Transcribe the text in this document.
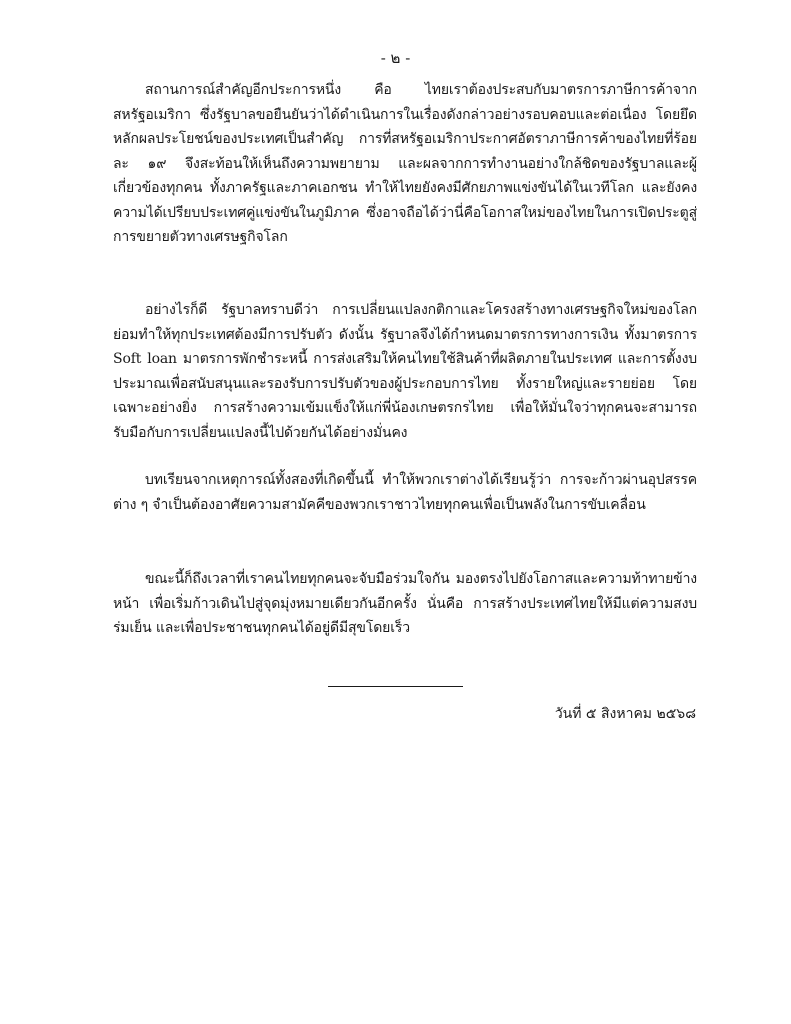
- ๒ -

สถานการณ์สำคัญอีกประการหนึ่ง คือ ไทยเราต้องประสบกับมาตรการภาษีการค้าจากสหรัฐอเมริกา ซึ่งรัฐบาลขอยืนยันว่าได้ดำเนินการในเรื่องดังกล่าวอย่างรอบคอบและต่อเนื่อง โดยยึดหลักผลประโยชน์ของประเทศเป็นสำคัญ การที่สหรัฐอเมริกาประกาศอัตราภาษีการค้าของไทยที่ร้อยละ ๑๙ จึงสะท้อนให้เห็นถึงความพยายาม และผลจากการทำงานอย่างใกล้ชิดของรัฐบาลและผู้เกี่ยวข้องทุกคน ทั้งภาครัฐและภาคเอกชน ทำให้ไทยยังคงมีศักยภาพแข่งขันได้ในเวทีโลก และยังคงความได้เปรียบประเทศคู่แข่งขันในภูมิภาค ซึ่งอาจถือได้ว่านี่คือโอกาสใหม่ของไทยในการเปิดประตูสู่การขยายตัวทางเศรษฐกิจโลก

อย่างไรก็ดี รัฐบาลทราบดีว่า การเปลี่ยนแปลงกติกาและโครงสร้างทางเศรษฐกิจใหม่ของโลก ย่อมทำให้ทุกประเทศต้องมีการปรับตัว ดังนั้น รัฐบาลจึงได้กำหนดมาตรการทางการเงิน ทั้งมาตรการ Soft loan มาตรการพักชำระหนี้ การส่งเสริมให้คนไทยใช้สินค้าที่ผลิตภายในประเทศ และการตั้งงบประมาณเพื่อสนับสนุนและรองรับการปรับตัวของผู้ประกอบการไทย ทั้งรายใหญ่และรายย่อย โดยเฉพาะอย่างยิ่ง การสร้างความเข้มแข็งให้แก่พี่น้องเกษตรกรไทย เพื่อให้มั่นใจว่าทุกคนจะสามารถรับมือกับการเปลี่ยนแปลงนี้ไปด้วยกันได้อย่างมั่นคง

บทเรียนจากเหตุการณ์ทั้งสองที่เกิดขึ้นนี้ ทำให้พวกเราต่างได้เรียนรู้ว่า การจะก้าวผ่านอุปสรรคต่าง ๆ จำเป็นต้องอาศัยความสามัคคีของพวกเราชาวไทยทุกคนเพื่อเป็นพลังในการขับเคลื่อน

ขณะนี้ก็ถึงเวลาที่เราคนไทยทุกคนจะจับมือร่วมใจกัน มองตรงไปยังโอกาสและความท้าทายข้างหน้า เพื่อเริ่มก้าวเดินไปสู่จุดมุ่งหมายเดียวกันอีกครั้ง นั่นคือ การสร้างประเทศไทยให้มีแต่ความสงบร่มเย็น และเพื่อประชาชนทุกคนได้อยู่ดีมีสุขโดยเร็ว

วันที่ ๕ สิงหาคม ๒๕๖๘
